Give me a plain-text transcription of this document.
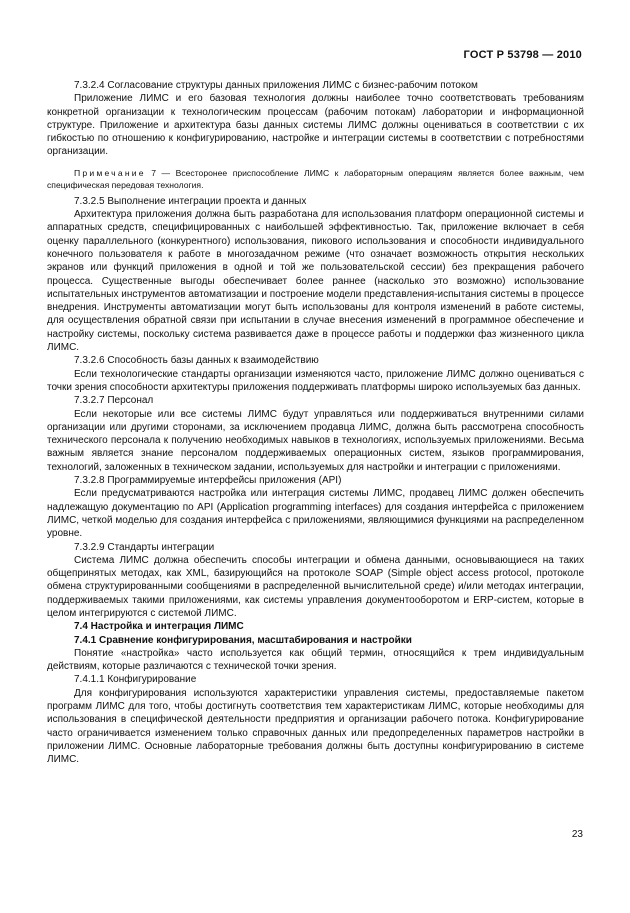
ГОСТ Р 53798 — 2010

7.3.2.4 Согласование структуры данных приложения ЛИМС с бизнес-рабочим потоком

Приложение ЛИМС и его базовая технология должны наиболее точно соответствовать требованиям конкретной организации к технологическим процессам (рабочим потокам) лаборатории и информационной структуре. Приложение и архитектура базы данных системы ЛИМС должны оцениваться в соответствии с их гибкостью по отношению к конфигурированию, настройке и интеграции системы в соответствии с потребностями организации.

Примечание 7 — Всесторонее приспособление ЛИМС к лабораторным операциям является более важным, чем специфическая передовая технология.

7.3.2.5 Выполнение интеграции проекта и данных

Архитектура приложения должна быть разработана для использования платформ операционной системы и аппаратных средств, специфицированных с наибольшей эффективностью. Так, приложение включает в себя оценку параллельного (конкурентного) использования, пикового использования и способности индивидуального конечного пользователя к работе в многозадачном режиме (что означает возможность открытия нескольких экранов или функций приложения в одной и той же пользовательской сессии) без прекращения рабочего процесса. Существенные выгоды обеспечивает более раннее (насколько это возможно) использование испытательных инструментов автоматизации и построение модели представления-испытания системы в процессе внедрения. Инструменты автоматизации могут быть использованы для контроля изменений в работе системы, для осуществления обратной связи при испытании в случае внесения изменений в программное обеспечение и настройку системы, поскольку система развивается даже в процессе работы и поддержки фаз жизненного цикла ЛИМС.

7.3.2.6 Способность базы данных к взаимодействию

Если технологические стандарты организации изменяются часто, приложение ЛИМС должно оцениваться с точки зрения способности архитектуры приложения поддерживать платформы широко используемых баз данных.

7.3.2.7 Персонал

Если некоторые или все системы ЛИМС будут управляться или поддерживаться внутренними силами организации или другими сторонами, за исключением продавца ЛИМС, должна быть рассмотрена способность технического персонала к получению необходимых навыков в технологиях, используемых приложениями. Весьма важным является знание персоналом поддерживаемых операционных систем, языков программирования, технологий, заложенных в техническом задании, используемых для настройки и интеграции с приложениями.

7.3.2.8 Программируемые интерфейсы приложения (API)

Если предусматриваются настройка или интеграция системы ЛИМС, продавец ЛИМС должен обеспечить надлежащую документацию по API (Application programming interfaces) для создания интерфейса с приложением ЛИМС, четкой моделью для создания интерфейса с приложениями, являющимися функциями на распределенном уровне.

7.3.2.9 Стандарты интеграции

Система ЛИМС должна обеспечить способы интеграции и обмена данными, основывающиеся на таких общепринятых методах, как XML, базирующийся на протоколе SOAP (Simple object access protocol, протоколе обмена структурированными сообщениями в распределенной вычислительной среде) и/или методах интеграции, поддерживаемых такими приложениями, как системы управления документооборотом и ERP-систем, которые в целом интегрируются с системой ЛИМС.

7.4 Настройка и интеграция ЛИМС

7.4.1 Сравнение конфигурирования, масштабирования и настройки

Понятие «настройка» часто используется как общий термин, относящийся к трем индивидуальным действиям, которые различаются с технической точки зрения.

7.4.1.1 Конфигурирование

Для конфигурирования используются характеристики управления системы, предоставляемые пакетом программ ЛИМС для того, чтобы достигнуть соответствия тем характеристикам ЛИМС, которые необходимы для использования в специфической деятельности предприятия и организации рабочего потока. Конфигурирование часто ограничивается изменением только справочных данных или предопределенных параметров настройки в приложении ЛИМС. Основные лабораторные требования должны быть доступны конфигурированию в системе ЛИМС.

23
